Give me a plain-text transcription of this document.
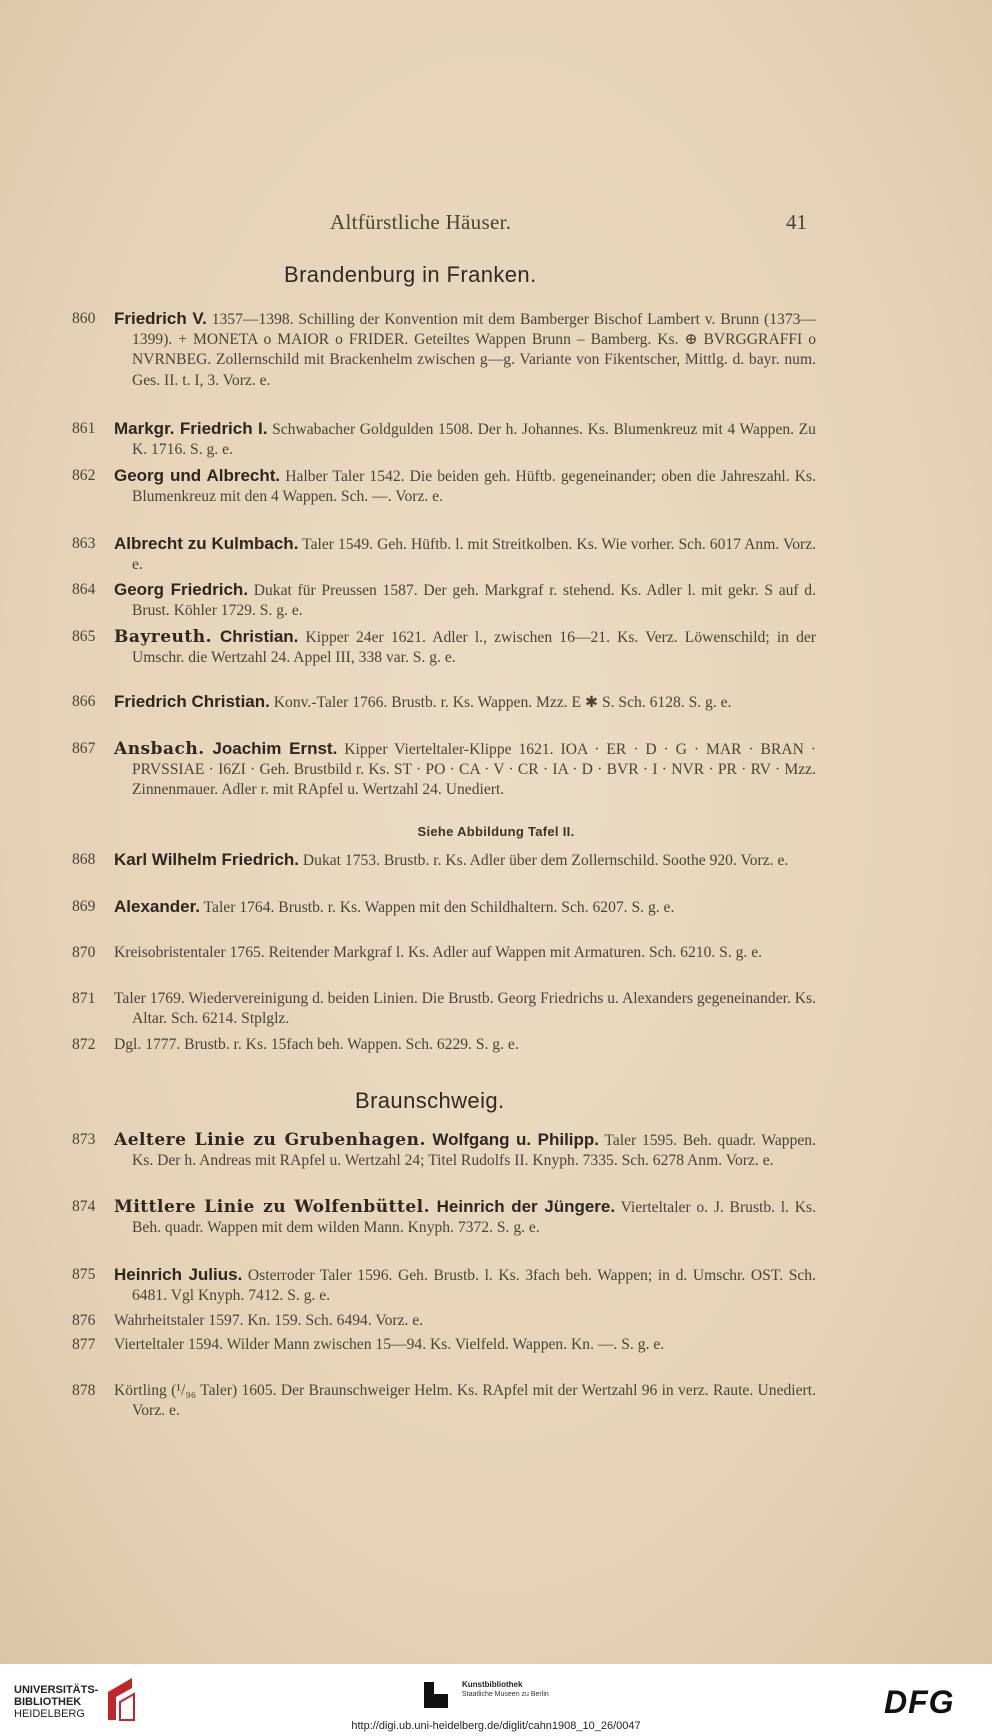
Altfürstliche Häuser.	41
Brandenburg in Franken.
860	Friedrich V. 1357—1398. Schilling der Konvention mit dem Bamberger Bischof Lambert v. Brunn (1373—1399). + MONETA o MAIOR o FRIDER. Geteiltes Wappen Brunn – Bamberg. Ks. ⊕ BVRGGRAFFI o NVRNBEG. Zollernschild mit Brackenhelm zwischen g—g. Variante von Fikentscher, Mittlg. d. bayr. num. Ges. II. t. I, 3. Vorz. e.
861	Markgr. Friedrich I. Schwabacher Goldgulden 1508. Der h. Johannes. Ks. Blumenkreuz mit 4 Wappen. Zu K. 1716. S. g. e.
862	Georg und Albrecht. Halber Taler 1542. Die beiden geh. Hüftb. gegeneinander; oben die Jahreszahl. Ks. Blumenkreuz mit den 4 Wappen. Sch. —. Vorz. e.
863	Albrecht zu Kulmbach. Taler 1549. Geh. Hüftb. l. mit Streitkolben. Ks. Wie vorher. Sch. 6017 Anm. Vorz. e.
864	Georg Friedrich. Dukat für Preussen 1587. Der geh. Markgraf r. stehend. Ks. Adler l. mit gekr. S auf d. Brust. Köhler 1729. S. g. e.
865	Bayreuth. Christian. Kipper 24er 1621. Adler l., zwischen 16—21. Ks. Verz. Löwenschild; in der Umschr. die Wertzahl 24. Appel III, 338 var. S. g. e.
866	Friedrich Christian. Konv.-Taler 1766. Brustb. r. Ks. Wappen. Mzz. E ✱ S. Sch. 6128. S. g. e.
867	Ansbach. Joachim Ernst. Kipper Vierteltaler-Klippe 1621. IOA · ER · D · G · MAR · BRAN · PRVSSIAE · I6ZI · Geh. Brustbild r. Ks. ST · PO · CA · V · CR · IA · D · BVR · I · NVR · PR · RV · Mzz. Zinnenmauer. Adler r. mit RApfel u. Wertzahl 24. Unediert.
Siehe Abbildung Tafel II.
868	Karl Wilhelm Friedrich. Dukat 1753. Brustb. r. Ks. Adler über dem Zollernschild. Soothe 920. Vorz. e.
869	Alexander. Taler 1764. Brustb. r. Ks. Wappen mit den Schildhaltern. Sch. 6207. S. g. e.
870	Kreisobristentaler 1765. Reitender Markgraf l. Ks. Adler auf Wappen mit Armaturen. Sch. 6210. S. g. e.
871	Taler 1769. Wiedervereinigung d. beiden Linien. Die Brustb. Georg Friedrichs u. Alexanders gegeneinander. Ks. Altar. Sch. 6214. Stplglz.
872	Dgl. 1777. Brustb. r. Ks. 15fach beh. Wappen. Sch. 6229. S. g. e.
Braunschweig.
873	Aeltere Linie zu Grubenhagen. Wolfgang u. Philipp. Taler 1595. Beh. quadr. Wappen. Ks. Der h. Andreas mit RApfel u. Wertzahl 24; Titel Rudolfs II. Knyph. 7335. Sch. 6278 Anm. Vorz. e.
874	Mittlere Linie zu Wolfenbüttel. Heinrich der Jüngere. Vierteltaler o. J. Brustb. l. Ks. Beh. quadr. Wappen mit dem wilden Mann. Knyph. 7372. S. g. e.
875	Heinrich Julius. Osterroder Taler 1596. Geh. Brustb. l. Ks. 3fach beh. Wappen; in d. Umschr. OST. Sch. 6481. Vgl Knyph. 7412. S. g. e.
876	Wahrheitstaler 1597. Kn. 159. Sch. 6494. Vorz. e.
877	Vierteltaler 1594. Wilder Mann zwischen 15—94. Ks. Vielfeld. Wappen. Kn. —. S. g. e.
878	Körtling (¹/₉₆ Taler) 1605. Der Braunschweiger Helm. Ks. RApfel mit der Wertzahl 96 in verz. Raute. Unediert. Vorz. e.
UNIVERSITÄTS-
BIBLIOTHEK
HEIDELBERG
Kunstbibliothek
Staatliche Museen zu Berlin	DFG
http://digi.ub.uni-heidelberg.de/diglit/cahn1908_10_26/0047
